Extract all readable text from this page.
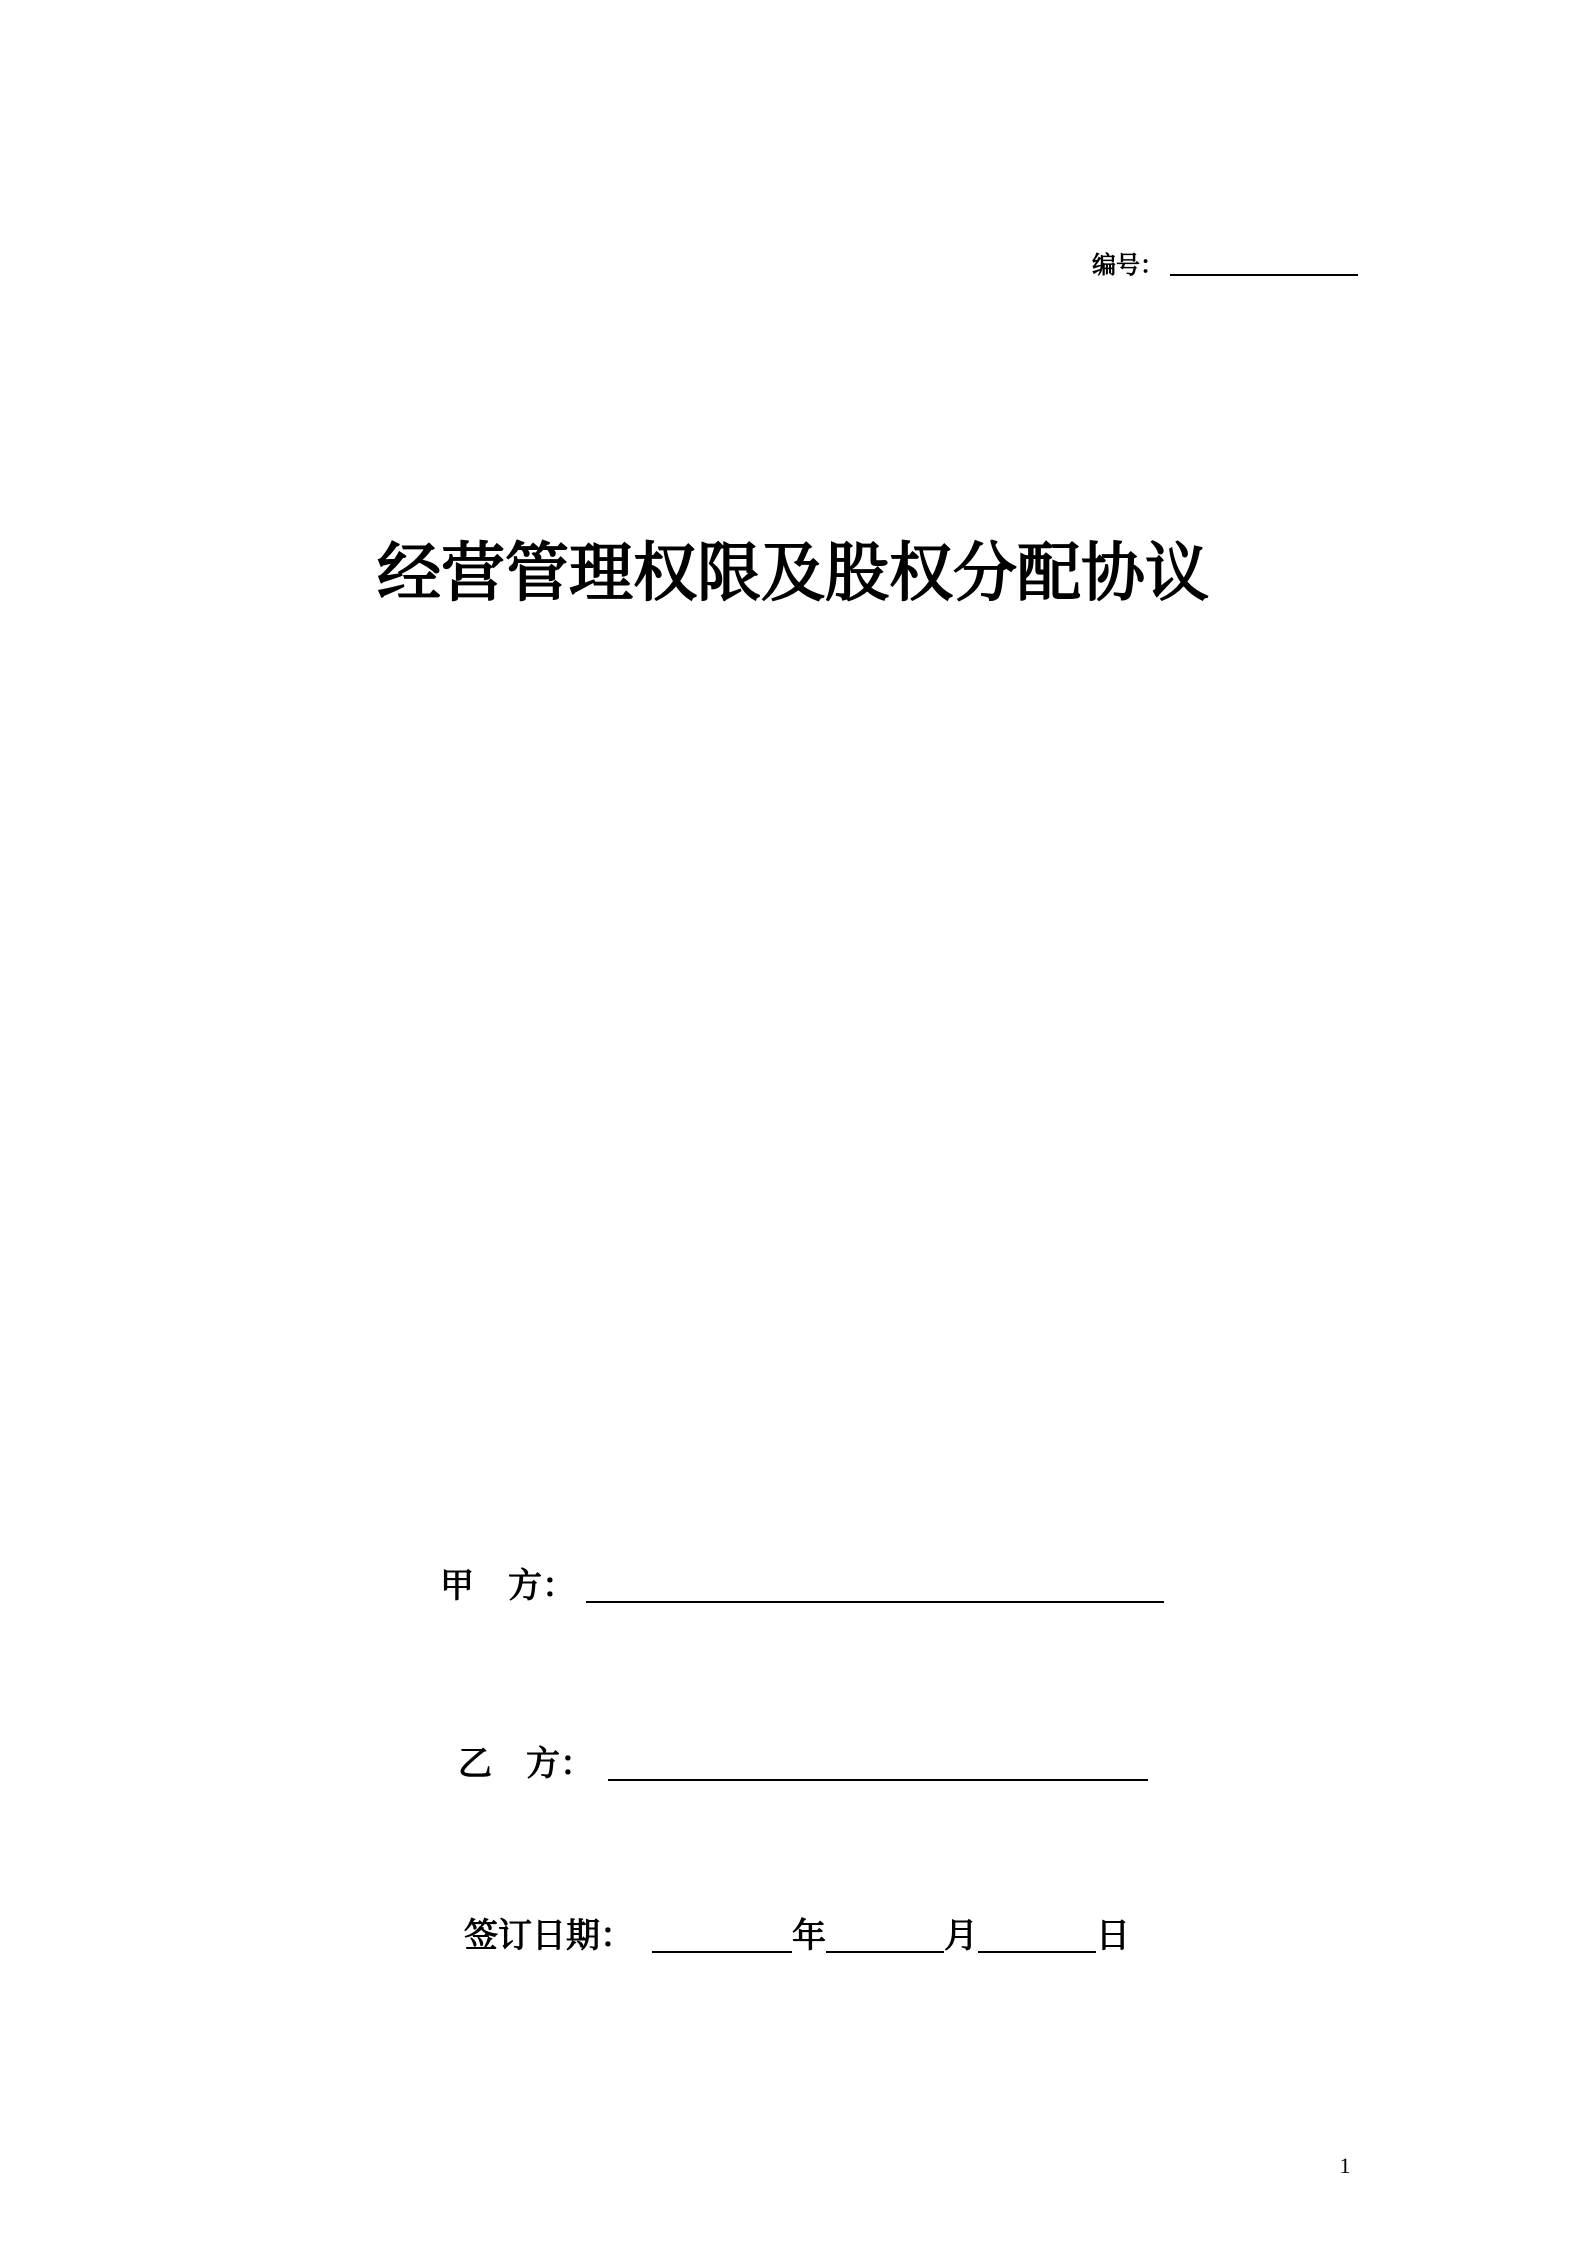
编号：
经营管理权限及股权分配协议
甲 方：
乙 方：
签订日期：	年	月	日
1
